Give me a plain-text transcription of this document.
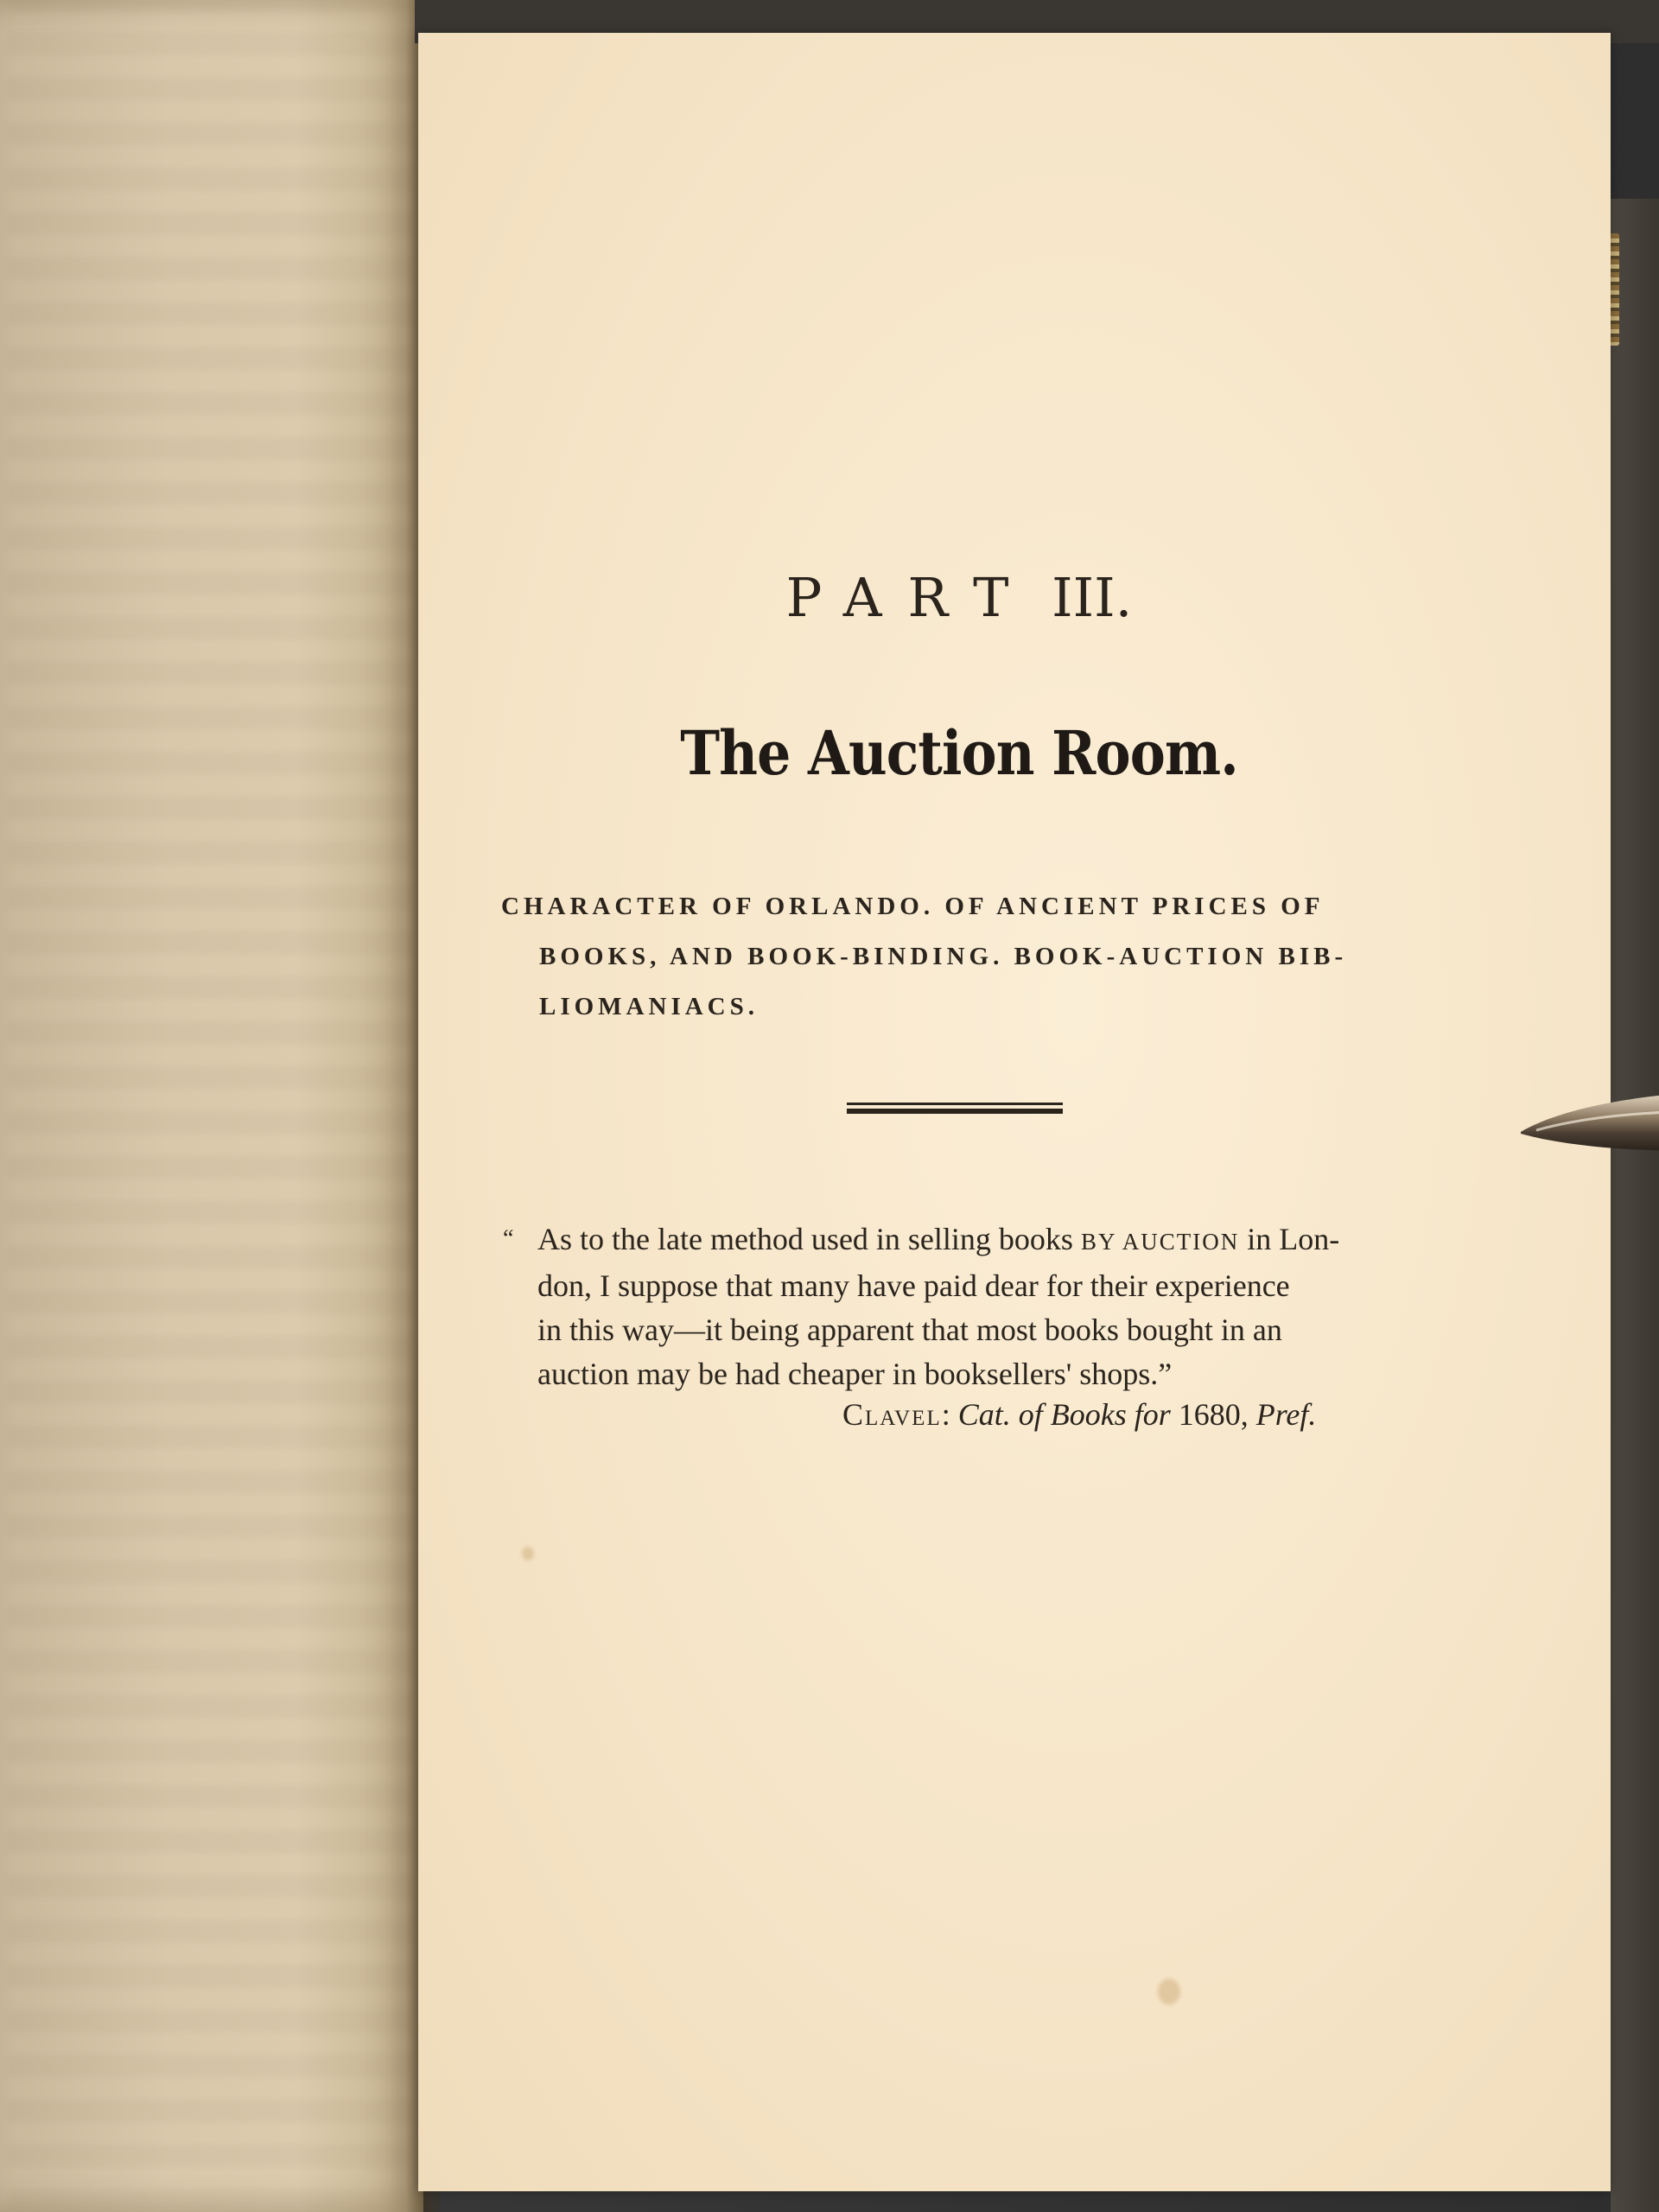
PART III.
The Auction Room.
CHARACTER OF ORLANDO. OF ANCIENT PRICES OF
BOOKS, AND BOOK-BINDING. BOOK-AUCTION BIB-
LIOMANIACS.
“ As to the late method used in selling books BY AUCTION in Lon-
don, I suppose that many have paid dear for their experience
in this way—it being apparent that most books bought in an
auction may be had cheaper in booksellers' shops.”
Clavel: Cat. of Books for 1680, Pref.
